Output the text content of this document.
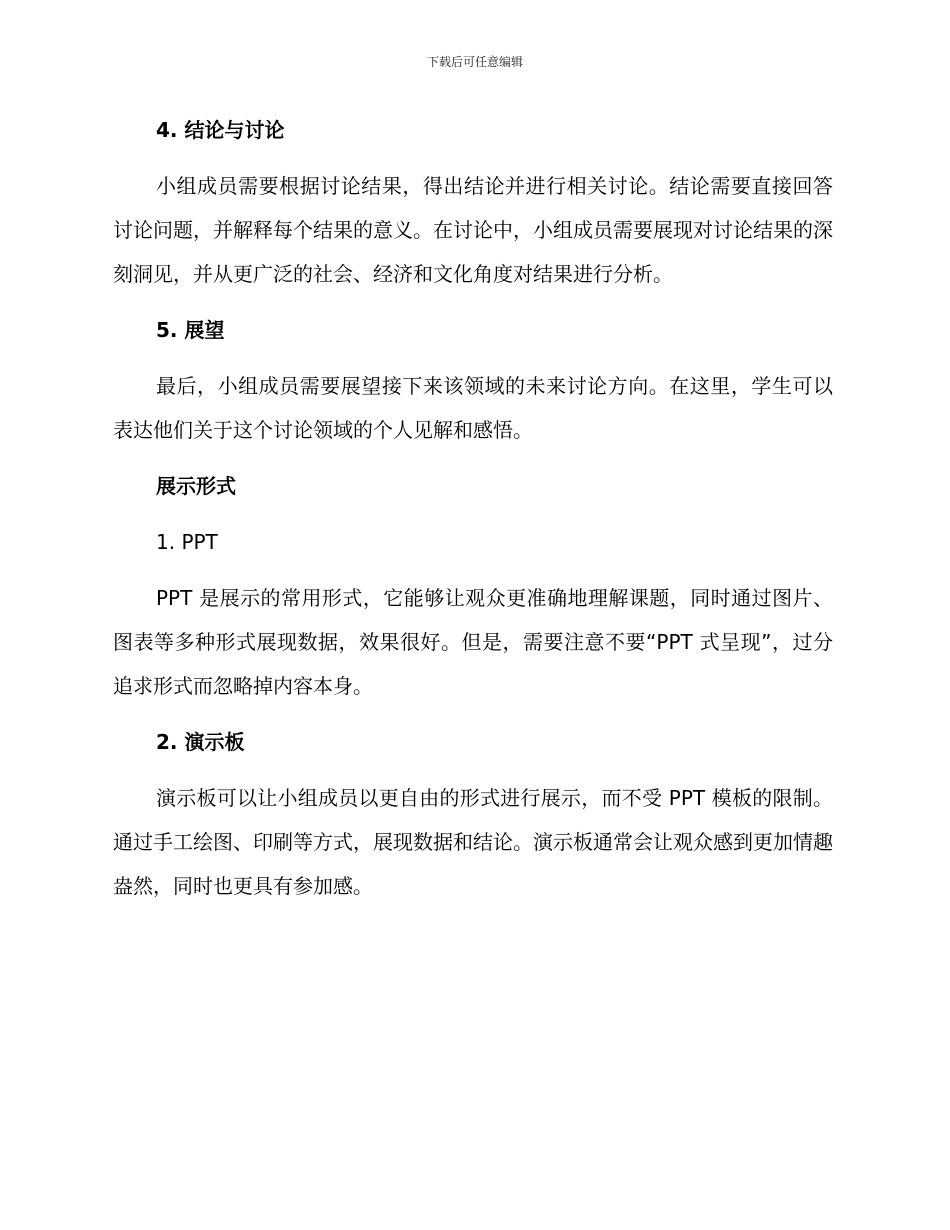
下载后可任意编辑
4. 结论与讨论

小组成员需要根据讨论结果，得出结论并进行相关讨论。结论需要直接回答讨论问题，并解释每个结果的意义。在讨论中，小组成员需要展现对讨论结果的深刻洞见，并从更广泛的社会、经济和文化角度对结果进行分析。

5. 展望

最后，小组成员需要展望接下来该领域的未来讨论方向。在这里，学生可以表达他们关于这个讨论领域的个人见解和感悟。

展示形式
1. PPT

PPT 是展示的常用形式，它能够让观众更准确地理解课题，同时通过图片、图表等多种形式展现数据，效果很好。但是，需要注意不要“PPT 式呈现”，过分追求形式而忽略掉内容本身。

2. 演示板

演示板可以让小组成员以更自由的形式进行展示，而不受 PPT 模板的限制。通过手工绘图、印刷等方式，展现数据和结论。演示板通常会让观众感到更加情趣盎然，同时也更具有参加感。
